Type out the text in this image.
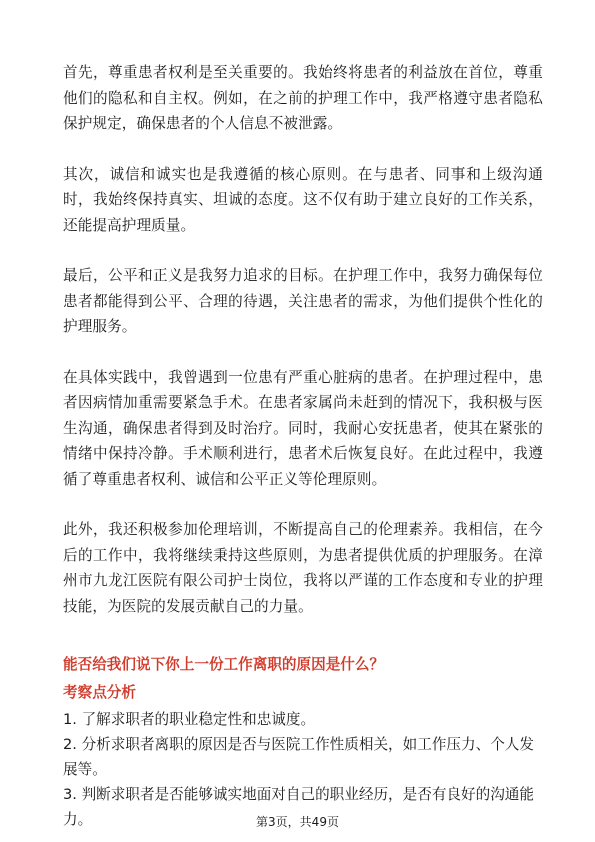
首先，尊重患者权利是至关重要的。我始终将患者的利益放在首位，尊重他们的隐私和自主权。例如，在之前的护理工作中，我严格遵守患者隐私保护规定，确保患者的个人信息不被泄露。

其次，诚信和诚实也是我遵循的核心原则。在与患者、同事和上级沟通时，我始终保持真实、坦诚的态度。这不仅有助于建立良好的工作关系，还能提高护理质量。

最后，公平和正义是我努力追求的目标。在护理工作中，我努力确保每位患者都能得到公平、合理的待遇，关注患者的需求，为他们提供个性化的护理服务。

在具体实践中，我曾遇到一位患有严重心脏病的患者。在护理过程中，患者因病情加重需要紧急手术。在患者家属尚未赶到的情况下，我积极与医生沟通，确保患者得到及时治疗。同时，我耐心安抚患者，使其在紧张的情绪中保持冷静。手术顺利进行，患者术后恢复良好。在此过程中，我遵循了尊重患者权利、诚信和公平正义等伦理原则。

此外，我还积极参加伦理培训，不断提高自己的伦理素养。我相信，在今后的工作中，我将继续秉持这些原则，为患者提供优质的护理服务。在漳州市九龙江医院有限公司护士岗位，我将以严谨的工作态度和专业的护理技能，为医院的发展贡献自己的力量。

能否给我们说下你上一份工作离职的原因是什么？
考察点分析
1. 了解求职者的职业稳定性和忠诚度。
2. 分析求职者离职的原因是否与医院工作性质相关，如工作压力、个人发展等。
3. 判断求职者是否能够诚实地面对自己的职业经历，是否有良好的沟通能力。	第3页，共49页
